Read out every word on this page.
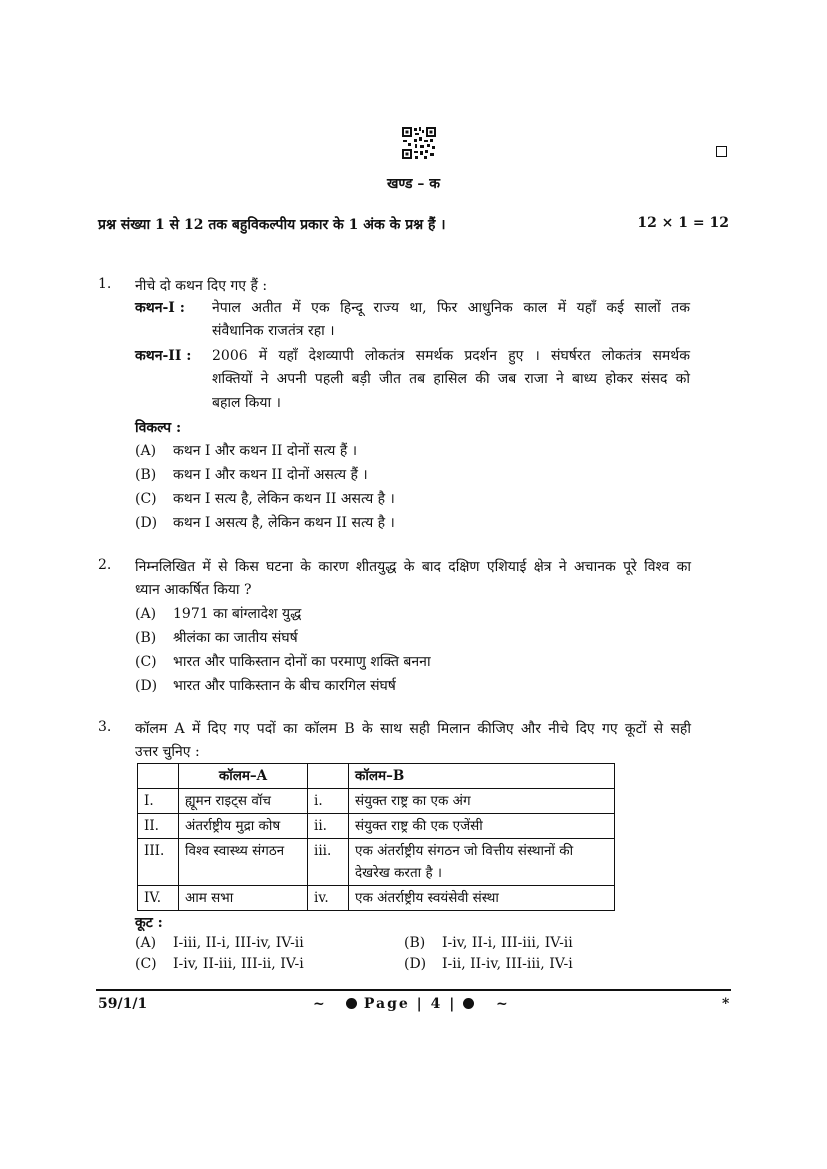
खण्ड – क
प्रश्न संख्या 1 से 12 तक बहुविकल्पीय प्रकार के 1 अंक के प्रश्न हैं ।	12 × 1 = 12
1. नीचे दो कथन दिए गए हैं :
कथन-I : नेपाल अतीत में एक हिन्दू राज्य था, फिर आधुनिक काल में यहाँ कई सालों तक
संवैधानिक राजतंत्र रहा ।
कथन-II : 2006 में यहाँ देशव्यापी लोकतंत्र समर्थक प्रदर्शन हुए । संघर्षरत लोकतंत्र समर्थक
शक्तियों ने अपनी पहली बड़ी जीत तब हासिल की जब राजा ने बाध्य होकर संसद को
बहाल किया ।
विकल्प :
(A) कथन I और कथन II दोनों सत्य हैं ।
(B) कथन I और कथन II दोनों असत्य हैं ।
(C) कथन I सत्य है, लेकिन कथन II असत्य है ।
(D) कथन I असत्य है, लेकिन कथन II सत्य है ।
2. निम्नलिखित में से किस घटना के कारण शीतयुद्ध के बाद दक्षिण एशियाई क्षेत्र ने अचानक पूरे विश्व का
ध्यान आकर्षित किया ?
(A) 1971 का बांग्लादेश युद्ध
(B) श्रीलंका का जातीय संघर्ष
(C) भारत और पाकिस्तान दोनों का परमाणु शक्ति बनना
(D) भारत और पाकिस्तान के बीच कारगिल संघर्ष
3. कॉलम A में दिए गए पदों का कॉलम B के साथ सही मिलान कीजिए और नीचे दिए गए कूटों से सही
उत्तर चुनिए :
	कॉलम–A		कॉलम–B
I.	ह्यूमन राइट्स वॉच	i.	संयुक्त राष्ट्र का एक अंग
II.	अंतर्राष्ट्रीय मुद्रा कोष	ii.	संयुक्त राष्ट्र की एक एजेंसी
III.	विश्व स्वास्थ्य संगठन	iii.	एक अंतर्राष्ट्रीय संगठन जो वित्तीय संस्थानों की
देखरेख करता है ।

IV.	आम सभा	iv.	एक अंतर्राष्ट्रीय स्वयंसेवी संस्था
कूट :
(A) I-iii, II-i, III-iv, IV-ii	(B) I-iv, II-i, III-iii, IV-ii
(C) I-iv, II-iii, III-ii, IV-i	(D) I-ii, II-iv, III-iii, IV-i
59/1/1	~	Page | 4 |	~	*
